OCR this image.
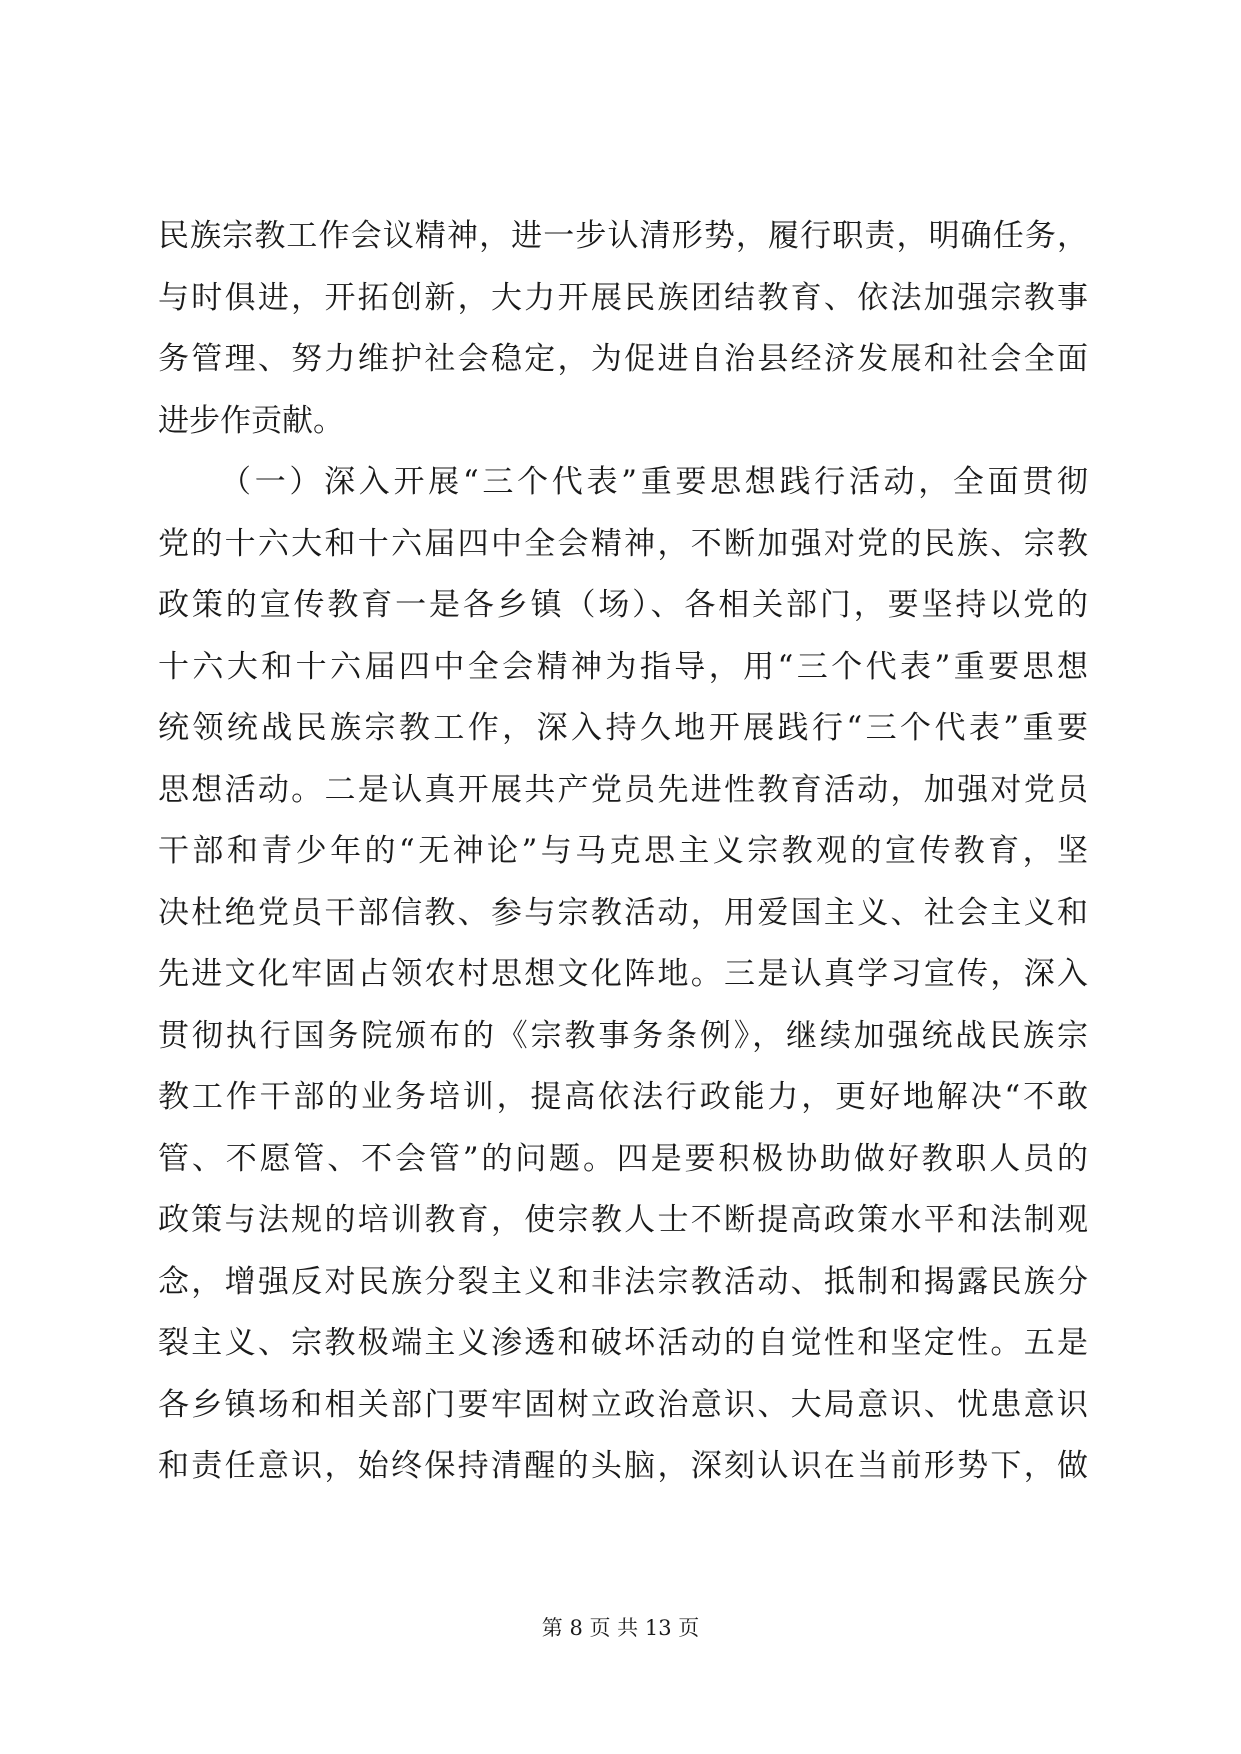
民族宗教工作会议精神，进一步认清形势，履行职责，明确任务，
与时俱进，开拓创新，大力开展民族团结教育、依法加强宗教事
务管理、努力维护社会稳定，为促进自治县经济发展和社会全面
进步作贡献。
（一）深入开展“三个代表”重要思想践行活动，全面贯彻
党的十六大和十六届四中全会精神，不断加强对党的民族、宗教
政策的宣传教育一是各乡镇（场）、各相关部门，要坚持以党的
十六大和十六届四中全会精神为指导，用“三个代表”重要思想
统领统战民族宗教工作，深入持久地开展践行“三个代表”重要
思想活动。二是认真开展共产党员先进性教育活动，加强对党员
干部和青少年的“无神论”与马克思主义宗教观的宣传教育，坚
决杜绝党员干部信教、参与宗教活动，用爱国主义、社会主义和
先进文化牢固占领农村思想文化阵地。三是认真学习宣传，深入
贯彻执行国务院颁布的《宗教事务条例》，继续加强统战民族宗
教工作干部的业务培训，提高依法行政能力，更好地解决“不敢
管、不愿管、不会管”的问题。四是要积极协助做好教职人员的
政策与法规的培训教育，使宗教人士不断提高政策水平和法制观
念，增强反对民族分裂主义和非法宗教活动、抵制和揭露民族分
裂主义、宗教极端主义渗透和破坏活动的自觉性和坚定性。五是
各乡镇场和相关部门要牢固树立政治意识、大局意识、忧患意识
和责任意识，始终保持清醒的头脑，深刻认识在当前形势下，做
第 8 页 共 13 页
